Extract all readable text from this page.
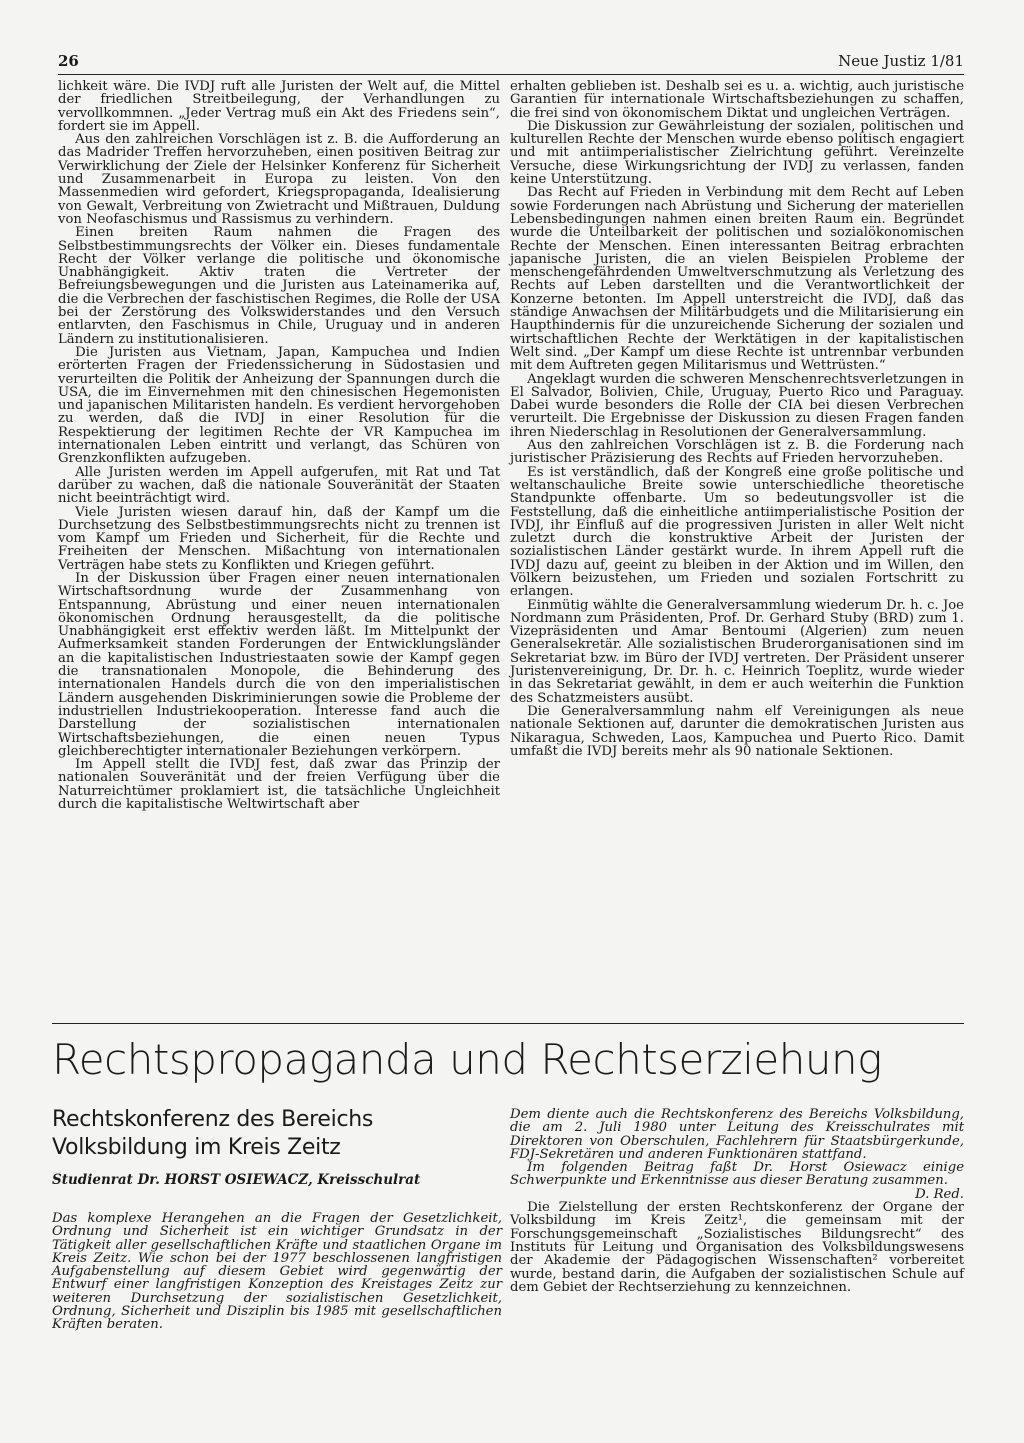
26	Neue Justiz 1/81

lichkeit wäre. Die IVDJ ruft alle Juristen der Welt auf, die Mittel der friedlichen Streitbeilegung, der Verhandlungen zu vervollkommnen. „Jeder Vertrag muß ein Akt des Friedens sein“, fordert sie im Appell.

Aus den zahlreichen Vorschlägen ist z. B. die Aufforderung an das Madrider Treffen hervorzuheben, einen positiven Beitrag zur Verwirklichung der Ziele der Helsinker Konferenz für Sicherheit und Zusammenarbeit in Europa zu leisten. Von den Massenmedien wird gefordert, Kriegspropaganda, Idealisierung von Gewalt, Verbreitung von Zwietracht und Mißtrauen, Duldung von Neofaschismus und Rassismus zu verhindern.

Einen breiten Raum nahmen die Fragen des Selbstbestimmungsrechts der Völker ein. Dieses fundamentale Recht der Völker verlange die politische und ökonomische Unabhängigkeit. Aktiv traten die Vertreter der Befreiungsbewegungen und die Juristen aus Lateinamerika auf, die die Verbrechen der faschistischen Regimes, die Rolle der USA bei der Zerstörung des Volkswiderstandes und den Versuch entlarvten, den Faschismus in Chile, Uruguay und in anderen Ländern zu institutionalisieren.

Die Juristen aus Vietnam, Japan, Kampuchea und Indien erörterten Fragen der Friedenssicherung in Südostasien und verurteilten die Politik der Anheizung der Spannungen durch die USA, die im Einvernehmen mit den chinesischen Hegemonisten und japanischen Militaristen handeln. Es verdient hervorgehoben zu werden, daß die IVDJ in einer Resolution für die Respektierung der legitimen Rechte der VR Kampuchea im internationalen Leben eintritt und verlangt, das Schüren von Grenzkonflikten aufzugeben.

Alle Juristen werden im Appell aufgerufen, mit Rat und Tat darüber zu wachen, daß die nationale Souveränität der Staaten nicht beeinträchtigt wird.

Viele Juristen wiesen darauf hin, daß der Kampf um die Durchsetzung des Selbstbestimmungsrechts nicht zu trennen ist vom Kampf um Frieden und Sicherheit, für die Rechte und Freiheiten der Menschen. Mißachtung von internationalen Verträgen habe stets zu Konflikten und Kriegen geführt.

In der Diskussion über Fragen einer neuen internationalen Wirtschaftsordnung wurde der Zusammenhang von Entspannung, Abrüstung und einer neuen internationalen ökonomischen Ordnung herausgestellt, da die politische Unabhängigkeit erst effektiv werden läßt. Im Mittelpunkt der Aufmerksamkeit standen Forderungen der Entwicklungsländer an die kapitalistischen Industriestaaten sowie der Kampf gegen die transnationalen Monopole, die Behinderung des internationalen Handels durch die von den imperialistischen Ländern ausgehenden Diskriminierungen sowie die Probleme der industriellen Industriekooperation. Interesse fand auch die Darstellung der sozialistischen internationalen Wirtschaftsbeziehungen, die einen neuen Typus gleichberechtigter internationaler Beziehungen verkörpern.

Im Appell stellt die IVDJ fest, daß zwar das Prinzip der nationalen Souveränität und der freien Verfügung über die Naturreichtümer proklamiert ist, die tatsächliche Ungleichheit durch die kapitalistische Weltwirtschaft aber

erhalten geblieben ist. Deshalb sei es u. a. wichtig, auch juristische Garantien für internationale Wirtschaftsbeziehungen zu schaffen, die frei sind von ökonomischem Diktat und ungleichen Verträgen.

Die Diskussion zur Gewährleistung der sozialen, politischen und kulturellen Rechte der Menschen wurde ebenso politisch engagiert und mit antiimperialistischer Zielrichtung geführt. Vereinzelte Versuche, diese Wirkungsrichtung der IVDJ zu verlassen, fanden keine Unterstützung.

Das Recht auf Frieden in Verbindung mit dem Recht auf Leben sowie Forderungen nach Abrüstung und Sicherung der materiellen Lebensbedingungen nahmen einen breiten Raum ein. Begründet wurde die Unteilbarkeit der politischen und sozialökonomischen Rechte der Menschen. Einen interessanten Beitrag erbrachten japanische Juristen, die an vielen Beispielen Probleme der menschengefährdenden Umweltverschmutzung als Verletzung des Rechts auf Leben darstellten und die Verantwortlichkeit der Konzerne betonten. Im Appell unterstreicht die IVDJ, daß das ständige Anwachsen der Militärbudgets und die Militarisierung ein Haupthindernis für die unzureichende Sicherung der sozialen und wirtschaftlichen Rechte der Werktätigen in der kapitalistischen Welt sind. „Der Kampf um diese Rechte ist untrennbar verbunden mit dem Auftreten gegen Militarismus und Wettrüsten.“

Angeklagt wurden die schweren Menschenrechtsverletzungen in El Salvador, Bolivien, Chile, Uruguay, Puerto Rico und Paraguay. Dabei wurde besonders die Rolle der CIA bei diesen Verbrechen verurteilt. Die Ergebnisse der Diskussion zu diesen Fragen fanden ihren Niederschlag in Resolutionen der Generalversammlung.

Aus den zahlreichen Vorschlägen ist z. B. die Forderung nach juristischer Präzisierung des Rechts auf Frieden hervorzuheben.

Es ist verständlich, daß der Kongreß eine große politische und weltanschauliche Breite sowie unterschiedliche theoretische Standpunkte offenbarte. Um so bedeutungsvoller ist die Feststellung, daß die einheitliche antiimperialistische Position der IVDJ, ihr Einfluß auf die progressiven Juristen in aller Welt nicht zuletzt durch die konstruktive Arbeit der Juristen der sozialistischen Länder gestärkt wurde. In ihrem Appell ruft die IVDJ dazu auf, geeint zu bleiben in der Aktion und im Willen, den Völkern beizustehen, um Frieden und sozialen Fortschritt zu erlangen.

Einmütig wählte die Generalversammlung wiederum Dr. h. c. Joe Nordmann zum Präsidenten, Prof. Dr. Gerhard Stuby (BRD) zum 1. Vizepräsidenten und Amar Bentoumi (Algerien) zum neuen Generalsekretär. Alle sozialistischen Bruderorganisationen sind im Sekretariat bzw. im Büro der IVDJ vertreten. Der Präsident unserer Juristenvereinigung, Dr. Dr. h. c. Heinrich Toeplitz, wurde wieder in das Sekretariat gewählt, in dem er auch weiterhin die Funktion des Schatzmeisters ausübt.

Die Generalversammlung nahm elf Vereinigungen als neue nationale Sektionen auf, darunter die demokratischen Juristen aus Nikaragua, Schweden, Laos, Kampuchea und Puerto Rico. Damit umfaßt die IVDJ bereits mehr als 90 nationale Sektionen.

Rechtspropaganda und Rechtserziehung
Rechtskonferenz des Bereichs Volksbildung im Kreis Zeitz
Studienrat Dr. HORST OSIEWACZ, Kreisschulrat

Das komplexe Herangehen an die Fragen der Gesetzlichkeit, Ordnung und Sicherheit ist ein wichtiger Grundsatz in der Tätigkeit aller gesellschaftlichen Kräfte und staatlichen Organe im Kreis Zeitz. Wie schon bei der 1977 beschlossenen langfristigen Aufgabenstellung auf diesem Gebiet wird gegenwärtig der Entwurf einer langfristigen Konzeption des Kreistages Zeitz zur weiteren Durchsetzung der sozialistischen Gesetzlichkeit, Ordnung, Sicherheit und Disziplin bis 1985 mit gesellschaftlichen Kräften beraten.

Dem diente auch die Rechtskonferenz des Bereichs Volksbildung, die am 2. Juli 1980 unter Leitung des Kreisschulrates mit Direktoren von Oberschulen, Fachlehrern für Staatsbürgerkunde, FDJ-Sekretären und anderen Funktionären stattfand.

Im folgenden Beitrag faßt Dr. Horst Osiewacz einige Schwerpunkte und Erkenntnisse aus dieser Beratung zusammen.

D. Red.

Die Zielstellung der ersten Rechtskonferenz der Organe der Volksbildung im Kreis Zeitz¹, die gemeinsam mit der Forschungsgemeinschaft „Sozialistisches Bildungsrecht“ des Instituts für Leitung und Organisation des Volksbildungswesens der Akademie der Pädagogischen Wissenschaften² vorbereitet wurde, bestand darin, die Aufgaben der sozialistischen Schule auf dem Gebiet der Rechtserziehung zu kennzeichnen.
